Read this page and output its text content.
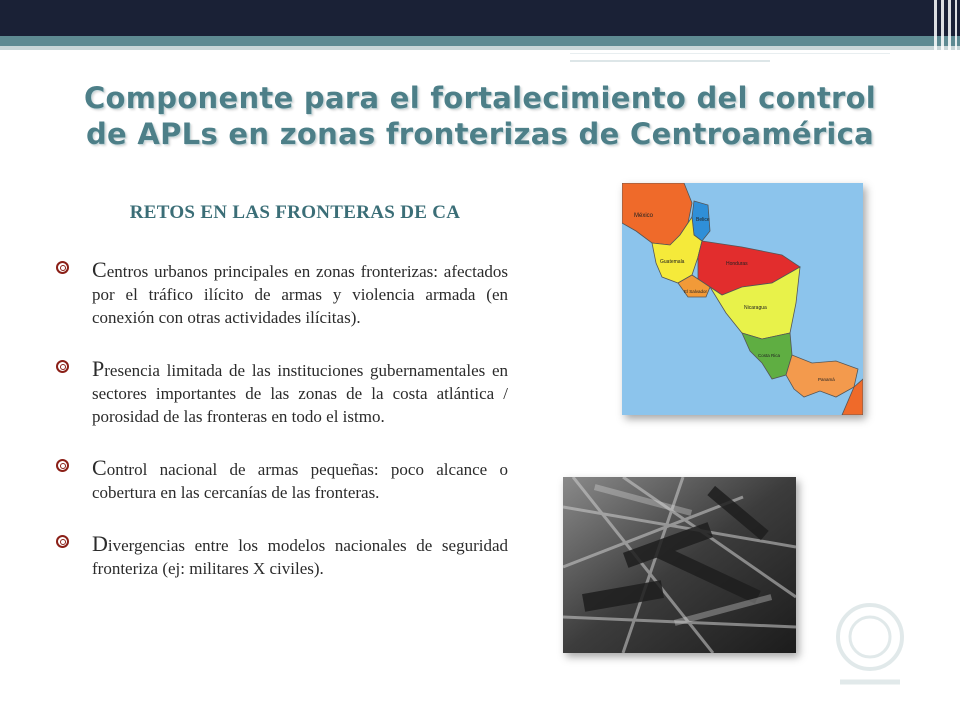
Componente para el fortalecimiento del control de APLs en zonas fronterizas de Centroamérica
RETOS EN LAS FRONTERAS DE CA
Centros urbanos principales en zonas fronterizas: afectados por el tráfico ilícito de armas y violencia armada (en conexión con otras actividades ilícitas).
Presencia limitada de las instituciones gubernamentales en sectores importantes de las zonas de la costa atlántica / porosidad de las fronteras en todo el istmo.
Control nacional de armas pequeñas: poco alcance o cobertura en las cercanías de las fronteras.
Divergencias entre los modelos nacionales de seguridad fronteriza (ej: militares X civiles).
México
Belice
Guatemala	Honduras
El Salvador
Nicaragua
Costa Rica
Panamá
